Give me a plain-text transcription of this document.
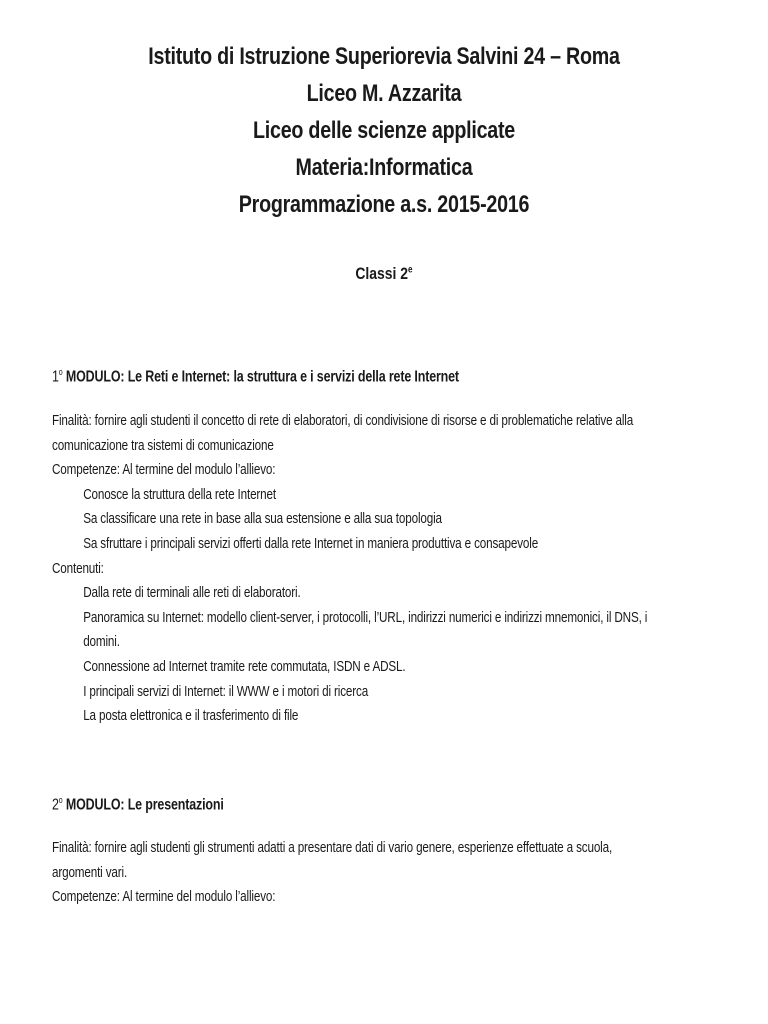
Istituto di Istruzione Superiorevia Salvini 24 – Roma
Liceo M. Azzarita
Liceo delle scienze applicate
Materia:Informatica
Programmazione a.s. 2015-2016
Classi 2e
1$^o$ MODULO: Le Reti e Internet: la struttura e i servizi della rete Internet
Finalità: fornire agli studenti il concetto di rete di elaboratori, di condivisione di risorse e di problematiche relative alla
comunicazione tra sistemi di comunicazione
Competenze: Al termine del modulo l’allievo:
Conosce la struttura della rete Internet
Sa classificare una rete in base alla sua estensione e alla sua topologia
Sa sfruttare i principali servizi offerti dalla rete Internet in maniera produttiva e consapevole
Contenuti:
Dalla rete di terminali alle reti di elaboratori.
Panoramica su Internet: modello client-server, i protocolli, l’URL, indirizzi numerici e indirizzi mnemonici, il DNS, i
domini.
Connessione ad Internet tramite rete commutata, ISDN e ADSL.
I principali servizi di Internet: il WWW e i motori di ricerca
La posta elettronica e il trasferimento di file
2$^o$ MODULO: Le presentazioni
Finalità: fornire agli studenti gli strumenti adatti a presentare dati di vario genere, esperienze effettuate a scuola,
argomenti vari.
Competenze: Al termine del modulo l’allievo:
